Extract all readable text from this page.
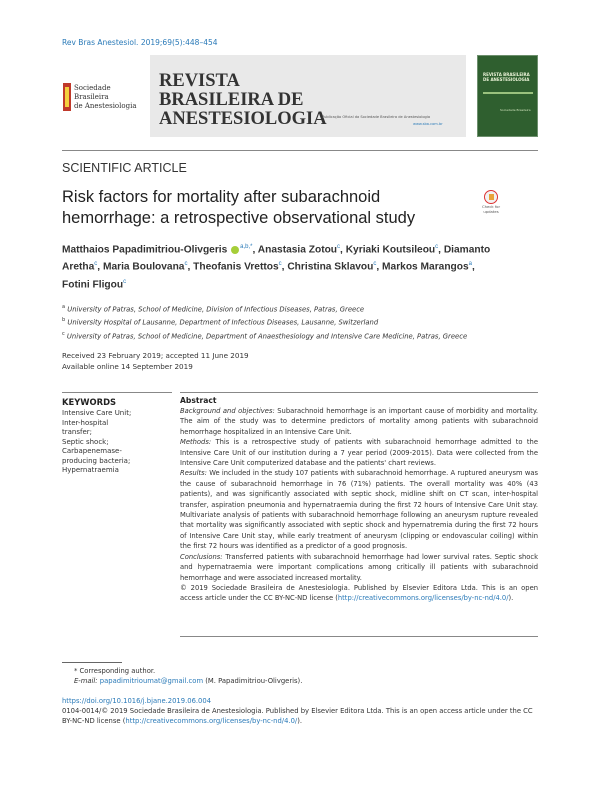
Rev Bras Anestesiol. 2019;69(5):448–454
Sociedade Brasileira
de Anestesiologia
REVISTA
BRASILEIRA DE
ANESTESIOLOGIA
Publicação Oficial da Sociedade Brasileira de Anestesiologia
www.sba.com.br
REVISTA BRASILEIRA DE ANESTESIOLOGIA
Sociedade Brasileira
SCIENTIFIC ARTICLE
Risk factors for mortality after subarachnoid hemorrhage: a retrospective observational study
Check for updates
Matthaios Papadimitriou-Olivgeris $^{a,b,*}$, Anastasia Zotou$^c$, Kyriaki Koutsileou$^c$, Diamanto Aretha$^c$, Maria Boulovana$^c$, Theofanis Vrettos$^c$, Christina Sklavou$^c$, Markos Marangos$^a$, Fotini Fligou$^c$
$^a$ University of Patras, School of Medicine, Division of Infectious Diseases, Patras, Greece
$^b$ University Hospital of Lausanne, Department of Infectious Diseases, Lausanne, Switzerland
$^c$ University of Patras, School of Medicine, Department of Anaesthesiology and Intensive Care Medicine, Patras, Greece
Received 23 February 2019; accepted 11 June 2019
Available online 14 September 2019
KEYWORDS
Intensive Care Unit;
Inter-hospital
transfer;
Septic shock;
Carbapenemase-
producing bacteria;
Hypernatraemia
Abstract

Background and objectives: Subarachnoid hemorrhage is an important cause of morbidity and mortality. The aim of the study was to determine predictors of mortality among patients with subarachnoid hemorrhage hospitalized in an Intensive Care Unit.

Methods: This is a retrospective study of patients with subarachnoid hemorrhage admitted to the Intensive Care Unit of our institution during a 7 year period (2009-2015). Data were collected from the Intensive Care Unit computerized database and the patients' chart reviews.

Results: We included in the study 107 patients with subarachnoid hemorrhage. A ruptured aneurysm was the cause of subarachnoid hemorrhage in 76 (71%) patients. The overall mortality was 40% (43 patients), and was significantly associated with septic shock, midline shift on CT scan, inter-hospital transfer, aspiration pneumonia and hypernatraemia during the first 72 hours of Intensive Care Unit stay. Multivariate analysis of patients with subarachnoid hemorrhage following an aneurysm rupture revealed that mortality was significantly associated with septic shock and hypernatremia during the first 72 hours of Intensive Care Unit stay, while early treatment of aneurysm (clipping or endovascular coiling) within the first 72 hours was identified as a predictor of a good prognosis.

Conclusions: Transferred patients with subarachnoid hemorrhage had lower survival rates. Septic shock and hypernatraemia were important complications among critically ill patients with subarachnoid hemorrhage and were associated increased mortality.

© 2019 Sociedade Brasileira de Anestesiologia. Published by Elsevier Editora Ltda. This is an open access article under the CC BY-NC-ND license (http://creativecommons.org/licenses/by-nc-nd/4.0/).

* Corresponding author.
E-mail: papadimitrioumat@gmail.com (M. Papadimitriou-Olivgeris).
https://doi.org/10.1016/j.bjane.2019.06.004
0104-0014/© 2019 Sociedade Brasileira de Anestesiologia. Published by Elsevier Editora Ltda. This is an open access article under the CC BY-NC-ND license (http://creativecommons.org/licenses/by-nc-nd/4.0/).
